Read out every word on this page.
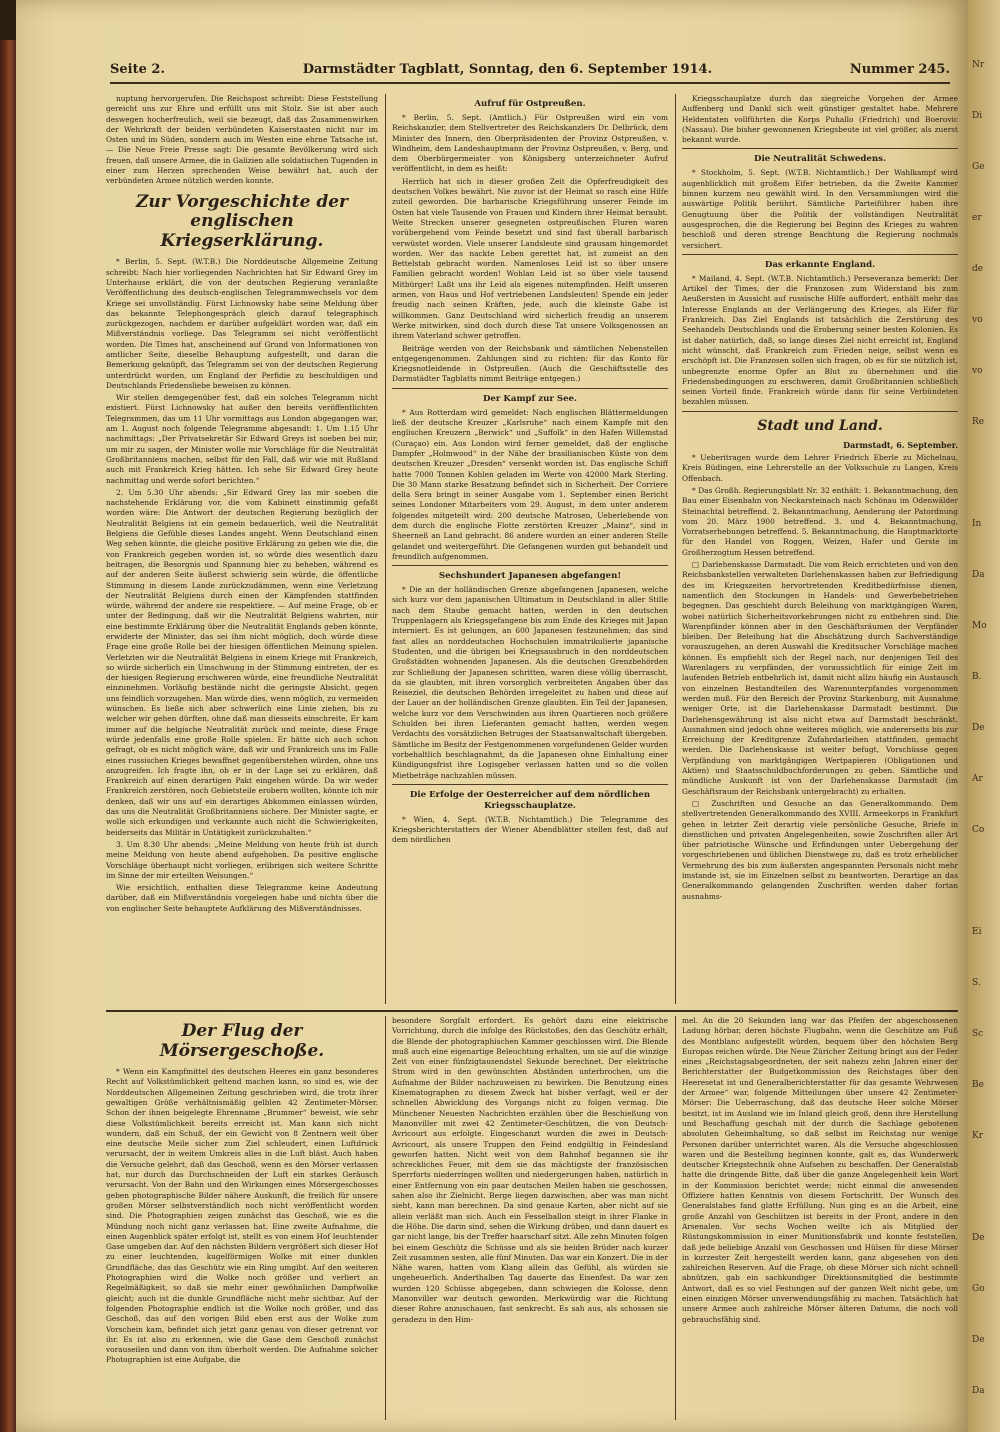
Seite 2.	Darmstädter Tagblatt, Sonntag, den 6. September 1914.	Nummer 245.

nuptung hervorgerufen. Die Reichspost schreibt: Diese Feststellung gereicht uns zur Ehre und erfüllt uns mit Stolz. Sie ist aber auch deswegen hocherfreulich, weil sie bezeugt, daß das Zusammenwirken der Wehrkraft der beiden verbündeten Kaiserstaaten nicht nur im Osten und im Süden, sondern auch im Westen eine ehrne Tatsache ist. — Die Neue Freie Presse sagt: Die gesamte Bevölkerung wird sich freuen, daß unsere Armee, die in Galizien alle soldatischen Tugenden in einer zum Herzen sprechenden Weise bewährt hat, auch der verbündeten Armee nützlich werden konnte.

Zur Vorgeschichte der englischen Kriegserklärung.

* Berlin, 5. Sept. (W.T.B.) Die Norddeutsche Allgemeine Zeitung schreibt: Nach hier vorliegenden Nachrichten hat Sir Edward Grey im Unterhause erklärt, die von der deutschen Regierung veranlaßte Veröffentlichung des deutsch-englischen Telegrammwechsels vor dem Kriege sei unvollständig. Fürst Lichnowsky habe seine Meldung über das bekannte Telephongespräch gleich darauf telegraphisch zurückgezogen, nachdem er darüber aufgeklärt worden war, daß ein Mißverständnis vorliege. Das Telegramm sei nicht veröffentlicht worden. Die Times hat, anscheinend auf Grund von Informationen von amtlicher Seite, dieselbe Behauptung aufgestellt, und daran die Bemerkung geknüpft, das Telegramm sei von der deutschen Regierung unterdrückt worden, um England der Perfidie zu beschuldigen und Deutschlands Friedensliebe beweisen zu können.

Wir stellen demgegenüber fest, daß ein solches Telegramm nicht existiert. Fürst Lichnowsky hat außer den bereits veröffentlichten Telegrammen, das um 11 Uhr vormittags aus London abgegangen war, am 1. August noch folgende Telegramme abgesandt: 1. Um 1.15 Uhr nachmittags: „Der Privatsekretär Sir Edward Greys ist soeben bei mir, um mir zu sagen, der Minister wolle mir Vorschläge für die Neutralität Großbritanniens machen, selbst für den Fall, daß wir wie mit Rußland auch mit Frankreich Krieg hätten. Ich sehe Sir Edward Grey heute nachmittag und werde sofort berichten.“

2. Um 5.30 Uhr abends: „Sir Edward Grey las mir soeben die nachstehende Erklärung vor, die vom Kabinett einstimmig gefaßt worden wäre: Die Antwort der deutschen Regierung bezüglich der Neutralität Belgiens ist ein gemein bedauerlich, weil die Neutralität Belgiens die Gefühle dieses Landes angeht. Wenn Deutschland einen Weg sehen könnte, die gleiche positive Erklärung zu geben wie die, die von Frankreich gegeben worden ist, so würde dies wesentlich dazu beitragen, die Besorgnis und Spannung hier zu beheben, während es auf der anderen Seite äußerst schwierig sein würde, die öffentliche Stimmung in diesem Lande zurückzudämmen, wenn eine Verletzung der Neutralität Belgiens durch einen der Kämpfenden stattfinden würde, während der andere sie respektiere. — Auf meine Frage, ob er unter der Bedingung, daß wir die Neutralität Belgiens wahrten, mir eine bestimmte Erklärung über die Neutralität Englands geben könnte, erwiderte der Minister, das sei ihm nicht möglich, doch würde diese Frage eine große Rolle bei der hiesigen öffentlichen Meinung spielen. Verletzten wir die Neutralität Belgiens in einem Kriege mit Frankreich, so würde sicherlich ein Umschwung in der Stimmung eintreten, der es der hiesigen Regierung erschweren würde, eine freundliche Neutralität einzunehmen. Vorläufig bestände nicht die geringste Absicht, gegen uns feindlich vorzugehen. Man würde dies, wenn möglich, zu vermeiden wünschen. Es ließe sich aber schwerlich eine Linie ziehen, bis zu welcher wir gehen dürften, ohne daß man diesseits einschreite. Er kam immer auf die belgische Neutralität zurück und meinte, diese Frage würde jedenfalls eine große Rolle spielen. Er hätte sich auch schon gefragt, ob es nicht möglich wäre, daß wir und Frankreich uns im Falle eines russischen Krieges bewaffnet gegenüberstehen würden, ohne uns anzugreifen. Ich fragte ihn, ob er in der Lage sei zu erklären, daß Frankreich auf einen derartigen Pakt eingehen würde. Da wir weder Frankreich zerstören, noch Gebietsteile erobern wollten, könnte ich mir denken, daß wir uns auf ein derartiges Abkommen einlassen würden, das uns die Neutralität Großbritanniens sichere. Der Minister sagte, er wolle sich erkundigen und verkannte auch nicht die Schwierigkeiten, beiderseits das Militär in Untätigkeit zurückzuhalten.“

3. Um 8.30 Uhr abends: „Meine Meldung von heute früh ist durch meine Meldung von heute abend aufgehoben. Da positive englische Vorschläge überhaupt nicht vorliegen, erübrigen sich weitere Schritte im Sinne der mir erteilten Weisungen.“

Wie ersichtlich, enthalten diese Telegramme keine Andeutung darüber, daß ein Mißverständnis vorgelegen habe und nichts über die von englischer Seite behauptete Aufklärung des Mißverständnisses.

Aufruf für Ostpreußen.

* Berlin, 5. Sept. (Amtlich.) Für Ostpreußen wird ein vom Reichskanzler, dem Stellvertreter des Reichskanzlers Dr. Delbrück, dem Minister des Innern, den Oberpräsidenten der Provinz Ostpreußen, v. Windheim, dem Landeshauptmann der Provinz Ostpreußen, v. Berg, und dem Oberbürgermeister von Königsberg unterzeichneter Aufruf veröffentlicht, in dem es heißt:

Herrlich hat sich in dieser großen Zeit die Opferfreudigkeit des deutschen Volkes bewährt. Nie zuvor ist der Heimat so rasch eine Hilfe zuteil geworden. Die barbarische Kriegsführung unserer Feinde im Osten hat viele Tausende von Frauen und Kindern ihrer Heimat beraubt. Weite Strecken unserer gesegneten ostpreußischen Fluren waren vorübergehend vom Feinde besetzt und sind fast überall barbarisch verwüstet worden. Viele unserer Landsleute sind grausam hingemordet worden. Wer das nackte Leben gerettet hat, ist zumeist an den Bettelstab gebracht worden. Namenloses Leid ist so über unsere Familien gebracht worden! Wohlan Leid ist so über viele tausend Mitbürger! Laßt uns ihr Leid als eigenes mitempfinden. Helft unseren armen, von Haus und Hof vertriebenen Landsleuten! Spende ein jeder freudig nach seinen Kräften, jede, auch die kleinste Gabe ist willkommen. Ganz Deutschland wird sicherlich freudig an unserem Werke mitwirken, sind doch durch diese Tat unsere Volksgenossen an ihrem Vaterland schwer getroffen.

Beiträge werden von der Reichsbank und sämtlichen Nebenstellen entgegengenommen. Zahlungen sind zu richten: für das Konto für Kriegsnotleidende in Ostpreußen. (Auch die Geschäftsstelle des Darmstädter Tagblatts nimmt Beiträge entgegen.)

Der Kampf zur See.

* Aus Rotterdam wird gemeldet: Nach englischen Blättermeldungen ließ der deutsche Kreuzer „Karlsruhe“ nach einem Kampfe mit den englischen Kreuzern „Berwick“ und „Suffolk“ in den Hafen Willemstad (Curaçao) ein. Aus London wird ferner gemeldet, daß der englische Dampfer „Holmwood“ in der Nähe der brasilianischen Küste von dem deutschen Kreuzer „Dresden“ versenkt worden ist. Das englische Schiff hatte 7000 Tonnen Kohlen geladen im Werte von 42000 Mark Sterling. Die 30 Mann starke Besatzung befindet sich in Sicherheit. Der Corriere della Sera bringt in seiner Ausgabe vom 1. September einen Bericht seines Londoner Mitarbeiters vom 29. August, in dem unter anderem folgendes mitgeteilt wird: 200 deutsche Matrosen, Ueberlebende von dem durch die englische Flotte zerstörten Kreuzer „Mainz“, sind in Sheerneß an Land gebracht. 86 andere wurden an einer anderen Stelle gelandet und weitergeführt. Die Gefangenen wurden gut behandelt und freundlich aufgenommen.

Sechshundert Japanesen abgefangen!

* Die an der holländischen Grenze abgefangenen Japanesen, welche sich kurz vor dem japanischen Ultimatum in Deutschland in aller Stille nach dem Staube gemacht hatten, werden in den deutschen Truppenlagern als Kriegsgefangene bis zum Ende des Krieges mit Japan interniert. Es ist gelungen, an 600 Japanesen festzunehmen; das sind fast alles an norddeutschen Hochschulen immatrikulierte japanische Studenten, und die übrigen bei Kriegsausbruch in den norddeutschen Großstädten wohnenden Japanesen. Als die deutschen Grenzbehörden zur Schließung der Japanesen schritten, waren diese völlig überrascht, da sie glaubten, mit ihren vorsorglich verbreiteten Angaben über das Reiseziel, die deutschen Behörden irregeleitet zu haben und diese auf der Lauer an der holländischen Grenze glaubten. Ein Teil der Japanesen, welche kurz vor dem Verschwinden aus ihren Quartieren noch größere Schulden bei ihren Lieferanten gemacht hatten, werden wegen Verdachts des vorsätzlichen Betruges der Staatsanwaltschaft übergeben. Sämtliche im Besitz der Festgenommenen vorgefundenen Gelder wurden vorbehaltlich beschlagnahmt, da die Japanesen ohne Einhaltung einer Kündigungsfrist ihre Logisgeber verlassen hatten und so die vollen Mietbeträge nachzahlen müssen.

Die Erfolge der Oesterreicher auf dem nördlichen Kriegsschauplatze.

* Wien, 4. Sept. (W.T.B. Nichtamtlich.) Die Telegramme des Kriegsberichterstatters der Wiener Abendblätter stellen fest, daß auf dem nördlichen

Kriegsschauplatze durch das siegreiche Vorgehen der Armee Auffenberg und Dankl sich weit günstiger gestaltet habe. Mehrere Heldentaten vollführten die Korps Puhallo (Friedrich) und Boerovic (Nassau). Die bisher gewonnenen Kriegsbeute ist viel größer, als zuerst bekannt wurde.

Die Neutralität Schwedens.

* Stockholm, 5. Sept. (W.T.B. Nichtamtlich.) Der Wahlkampf wird augenblicklich mit großem Eifer betrieben, da die Zweite Kammer binnen kurzem neu gewählt wird. In den Versammlungen wird die auswärtige Politik berührt. Sämtliche Parteiführer haben ihre Genugtuung über die Politik der vollständigen Neutralität ausgesprochen, die die Regierung bei Beginn des Krieges zu wahren beschloß und deren strenge Beachtung die Regierung nochmals versichert.

Das erkannte England.

* Mailand, 4. Sept. (W.T.B. Nichtamtlich.) Perseveranza bemerkt: Der Artikel der Times, der die Franzosen zum Widerstand bis zum Aeußersten in Aussicht auf russische Hilfe auffordert, enthält mehr das Interesse Englands an der Verlängerung des Krieges, als Eifer für Frankreich. Das Ziel Englands ist tatsächlich die Zerstörung des Seehandels Deutschlands und die Eroberung seiner besten Kolonien. Es ist daher natürlich, daß, so lange dieses Ziel nicht erreicht ist, England nicht wünscht, daß Frankreich zum Frieden neige, selbst wenn es erschöpft ist. Die Franzosen sollen sich fragen, ob es für sie nützlich ist, unbegrenzte enorme Opfer an Blut zu übernehmen und die Friedensbedingungen zu erschweren, damit Großbritannien schließlich seinen Vorteil finde. Frankreich würde dann für seine Verbündeten bezahlen müssen.

Stadt und Land.
Darmstadt, 6. September.

* Ueberitragen wurde dem Lehrer Friedrich Eberle zu Michelnau, Kreis Büdingen, eine Lehrerstelle an der Volksschule zu Langen, Kreis Offenbach.

* Das Großh. Regierungsblatt Nr. 32 enthält: 1. Bekanntmachung, den Bau einer Eisenbahn von Neckarsteinach nach Schönau im Odenwälder Steinachtal betreffend. 2. Bekanntmachung, Aenderung der Patordnung vom 20. März 1900 betreffend. 3. und 4. Bekanntmachung, Vorratserhebungen betreffend. 5. Bekanntmachung, die Hauptmarktorte für den Handel von Roggen, Weizen, Hafer und Gerste im Großherzogtum Hessen betreffend.

□ Darlehenskasse Darmstadt. Die vom Reich errichteten und von den Reichsbankstellen verwalteten Darlehenskassen haben zur Befriedigung des im Kriegszeiten hervortretenden Kreditbedürfnisse dienen, namentlich den Stockungen in Handels- und Gewerbebetrieben begegnen. Das geschieht durch Beleihung von marktgängigen Waren, wobei natürlich Sicherheitsvorkehrungen nicht zu entbehren sind. Die Warenpfänder können aber in den Geschäftsräumen der Verpfänder bleiben. Der Beleihung hat die Abschätzung durch Sachverständige vorauszugehen, an deren Auswahl die Kreditsucher Vorschläge machen können. Es empfiehlt sich der Regel nach, nur denjenigen Teil des Warenlagers zu verpfänden, der voraussichtlich für einige Zeit im laufenden Betrieb entbehrlich ist, damit nicht allzu häufig ein Austausch von einzelnen Bestandteilen des Warenunterpfandes vorgenommen werden muß. Für den Bereich der Provinz Starkenburg, mit Ausnahme weniger Orte, ist die Darlehenskasse Darmstadt bestimmt. Die Darlehensgewährung ist also nicht etwa auf Darmstadt beschränkt. Ausnahmen sind jedoch ohne weiteres möglich, wie andererseits bis zur Erreichung der Kreditgrenze Zufahrdarleihen stattfinden, gemacht werden. Die Darlehenskasse ist weiter befugt, Vorschüsse gegen Verpfändung von marktgängigen Wertpapieren (Obligationen und Aktien) und Staatsschuldbuchforderungen zu geben. Sämtliche und mündliche Auskunft ist von der Darlehenskasse Darmstadt (im Geschäftsraum der Reichsbank untergebracht) zu erhalten.

□ Zuschriften und Gesuche an das Generalkommando. Dem stellvertretenden Generalkommando des XVIII. Armeekorps in Frankfurt gehen in letzter Zeit derartig viele persönliche Gesuche, Briefe in dienstlichen und privaten Angelegenheiten, sowie Zuschriften aller Art über patriotische Wünsche und Erfindungen unter Uebergehung der vorgeschriebenen und üblichen Dienstwege zu, daß es trotz erheblicher Vermehrung des bis zum äußersten angespannten Personals nicht mehr imstande ist, sie im Einzelnen selbst zu beantworten. Derartige an das Generalkommando gelangenden Zuschriften werden daher fortan ausnahms-

Der Flug der Mörsergeschoße.

* Wenn ein Kampfmittel des deutschen Heeres ein ganz besonderes Recht auf Volkstümlichkeit geltend machen kann, so sind es, wie der Norddeutschen Allgemeinen Zeitung geschrieben wird, die trotz ihrer gewaltigen Größe verhältnismäßig gelblen 42 Zentimeter-Mörser. Schon der ihnen beigelegte Ehrenname „Brummer“ beweist, wie sehr diese Volkstümlichkeit bereits erreicht ist. Man kann sich nicht wundern, daß ein Schuß, der ein Gewicht von 8 Zentnern weit über eine deutsche Meile sicher zum Ziel schleudert, einen Luftdruck verursacht, der in weitem Umkreis alles in die Luft bläst. Auch haben die Versuche gelehrt, daß das Geschoß, wenn es den Mörser verlassen hat, nur durch das Durchschneiden der Luft ein starkes Geräusch verursacht. Von der Bahn und den Wirkungen eines Mörsergeschosses geben photographische Bilder nähere Auskunft, die freilich für unsere großen Mörser selbstverständlich noch nicht veröffentlicht worden sind. Die Photographien zeigen zunächst das Geschoß, wie es die Mündung noch nicht ganz verlassen hat. Eine zweite Aufnahme, die einen Augenblick später erfolgt ist, stellt es von einem Hof leuchtender Gase umgeben dar. Auf den nächsten Bildern vergrößert sich dieser Hof zu einer leuchtenden, kugelförmigen Wolke mit einer dunklen Grundfläche, das das Geschütz wie ein Ring umgibt. Auf den weiteren Photographien wird die Wolke noch größer und verliert an Regelmäßigkeit, so daß sie mehr einer gewöhnlichen Dampfwolke gleicht; auch ist die dunkle Grundfläche nicht mehr sichtbar. Auf der folgenden Photographie endlich ist die Wolke noch größer, und das Geschoß, das auf den vorigen Bild eben erst aus der Wolke zum Vorschein kam, befindet sich jetzt ganz genau von dieser getrennt vor ihr. Es ist also zu erkennen, wie die Gase dem Geschoß zunächst vorauseilen und dann von ihm überholt werden. Die Aufnahme solcher Photographien ist eine Aufgabe, die

besondere Sorgfalt erfordert. Es gehört dazu eine elektrische Vorrichtung, durch die infolge des Rückstoßes, den das Geschütz erhält, die Blende der photographischen Kammer geschlossen wird. Die Blende muß auch eine eigenartige Beleuchtung erhalten, um sie auf die winzige Zeit von einer fünfzigtausendstel Sekunde berechnet. Der elektrische Strom wird in den gewünschten Abständen unterbrochen, um die Aufnahme der Bilder nachzuweisen zu bewirken. Die Benutzung eines Kinematographen zu diesem Zweck hat bisher verfagt, weil er der schnellen Abwicklung des Vorgangs nicht zu folgen vermag. Die Münchener Neuesten Nachrichten erzählen über die Beschießung von Manonviller mit zwei 42 Zentimeter-Geschützen, die von Deutsch-Avricourt aus erfolgte. Eingeschanzt wurden die zwei in Deutsch-Avricourt, als unsere Truppen den Feind endgültig in Feindesland geworfen hatten. Nicht weit von dem Bahnhof begannen sie ihr schreckliches Feuer, mit dem sie das mächtigste der französischen Sperrforts niederringen wollten und niedergerungen haben, natürlich in einer Entfernung von ein paar deutschen Meilen haben sie geschossen, sahen also ihr Zielnicht. Berge liegen dazwischen, aber was man nicht sieht, kann man berechnen. Da sind genaue Karten, aber nicht auf sie allein verläßt man sich. Auch ein Fesselballon steigt in ihrer Flanke in die Höhe. Die darin sind, sehen die Wirkung drüben, und dann dauert es gar nicht lange, bis der Treffer haarscharf sitzt. Alle zehn Minuten folgen bei einem Geschütz die Schüsse und als sie beiden Brüder nach kurzer Zeit zusammen sesten, alle fünf Minuten. Das war ein Konzert. Die in der Nähe waren, hatten vom Klang allein das Gefühl, als würden sie ungeheuerlich. Anderthalben Tag dauerte das Eisenfest. Da war zen wurden 120 Schüsse abgegeben, dann schwiegen die Kolosse, denn Manonviller war deutsch geworden. Merkwürdig war die Richtung dieser Rohre anzuschauen, fast senkrecht. Es sah aus, als schossen sie geradezu in den Him-

mel. An die 20 Sekunden lang war das Pfeifen der abgeschossenen Ladung hörbar, deren höchste Flugbahn, wenn die Geschütze am Fuß des Montblanc aufgestellt würden, bequem über den höchsten Berg Europas reichen würde. Die Neue Züricher Zeitung bringt aus der Feder eines „Reichstagsabgeordneten, der seit nahezu zehn Jahren einer der Berichterstatter der Budgetkommission des Reichstages über den Heeresetat ist und Generalberichterstatter für das gesamte Wehrwesen der Armee“ war, folgende Mitteilungen über unsere 42 Zentimeter-Mörser: Die Ueberraschung, daß das deutsche Heer solche Mörser besitzt, ist im Ausland wie im Inland gleich groß, denn ihre Herstellung und Beschaffung geschah mit der durch die Sachlage gebotenen absoluten Geheimhaltung, so daß selbst im Reichstag nur wenige Personen darüber unterrichtet waren. Als die Versuche abgeschlossen waren und die Bestellung beginnen konnte, galt es, das Wunderwerk deutscher Kriegstechnik ohne Aufsehen zu beschaffen. Der Generalstab hatte die dringende Bitte, daß über die ganze Angelegenheit kein Wort in der Kommission berichtet werde; nicht einmal die anwesenden Offiziere hatten Kenntnis von diesem Fortschritt. Der Wunsch des Generalstabes fand glatte Erfüllung. Nun ging es an die Arbeit, eine große Anzahl von Geschützen ist bereits in der Front, andere in den Arsenalen. Vor sechs Wochen weilte ich als Mitglied der Rüstungskommission in einer Munitionsfabrik und konnte feststellen, daß jede beliebige Anzahl von Geschossen und Hülsen für diese Mörser in kurzester Zeit hergestellt werden kann, ganz abgesehen von den zahlreichen Reserven. Auf die Frage, ob diese Mörser sich nicht schnell abnützen, gab ein sachkundiger Direktionsmitglied die bestimmte Antwort, daß es so viel Festungen auf der ganzen Welt nicht gebe, um einen einzigen Mörser unverwendungsfähig zu machen. Tatsächlich hat unsere Armee auch zahlreiche Mörser älteren Datums, die noch voll gebrauchsfähig sind.

Nr
Di
Ge
er
de
vo
vo
Re

In
Da
Mo
B.
De
Ar
Co

Ei
S.
Sc
Be
Kr

De
Go
De
Da
